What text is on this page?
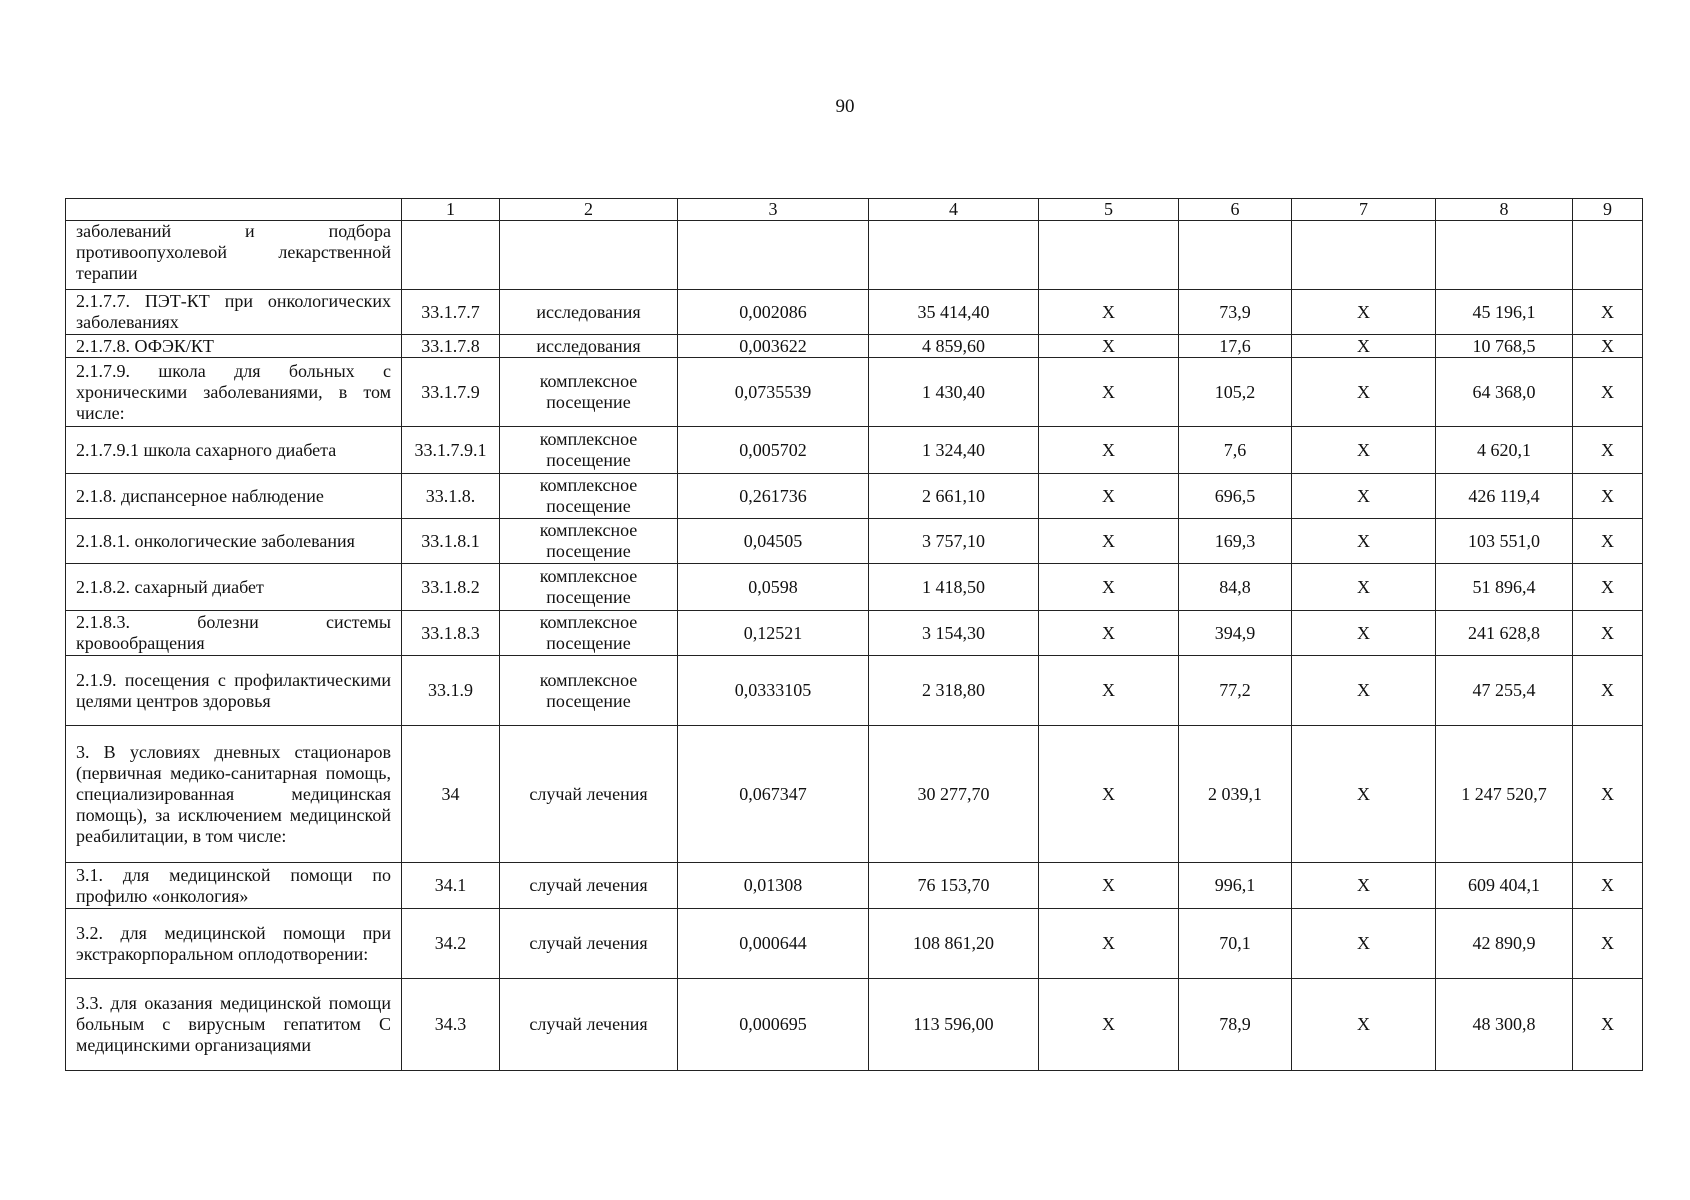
90
	1	2	3	4	5	6	7	8	9
заболеваний и подбора противоопухолевой лекарственной терапии									
2.1.7.7. ПЭТ-КТ при онкологических заболеваниях	33.1.7.7	исследования	0,002086	35 414,40	X	73,9	X	45 196,1	X
2.1.7.8. ОФЭК/КТ	33.1.7.8	исследования	0,003622	4 859,60	X	17,6	X	10 768,5	X
2.1.7.9. школа для больных с хроническими заболеваниями, в том числе:	33.1.7.9	комплексное посещение	0,0735539	1 430,40	X	105,2	X	64 368,0	X
2.1.7.9.1 школа сахарного диабета	33.1.7.9.1	комплексное посещение	0,005702	1 324,40	X	7,6	X	4 620,1	X
2.1.8. диспансерное наблюдение	33.1.8.	комплексное посещение	0,261736	2 661,10	X	696,5	X	426 119,4	X
2.1.8.1. онкологические заболевания	33.1.8.1	комплексное посещение	0,04505	3 757,10	X	169,3	X	103 551,0	X
2.1.8.2. сахарный диабет	33.1.8.2	комплексное посещение	0,0598	1 418,50	X	84,8	X	51 896,4	X
2.1.8.3. болезни системы кровообращения	33.1.8.3	комплексное посещение	0,12521	3 154,30	X	394,9	X	241 628,8	X
2.1.9. посещения с профилактическими целями центров здоровья	33.1.9	комплексное посещение	0,0333105	2 318,80	X	77,2	X	47 255,4	X
3. В условиях дневных стационаров (первичная медико-санитарная помощь, специализированная медицинская помощь), за исключением медицинской реабилитации, в том числе:	34	случай лечения	0,067347	30 277,70	X	2 039,1	X	1 247 520,7	X
3.1. для медицинской помощи по профилю «онкология»	34.1	случай лечения	0,01308	76 153,70	X	996,1	X	609 404,1	X
3.2. для медицинской помощи при экстракорпоральном оплодотворении:	34.2	случай лечения	0,000644	108 861,20	X	70,1	X	42 890,9	X
3.3. для оказания медицинской помощи больным с вирусным гепатитом С медицинскими организациями	34.3	случай лечения	0,000695	113 596,00	X	78,9	X	48 300,8	X
